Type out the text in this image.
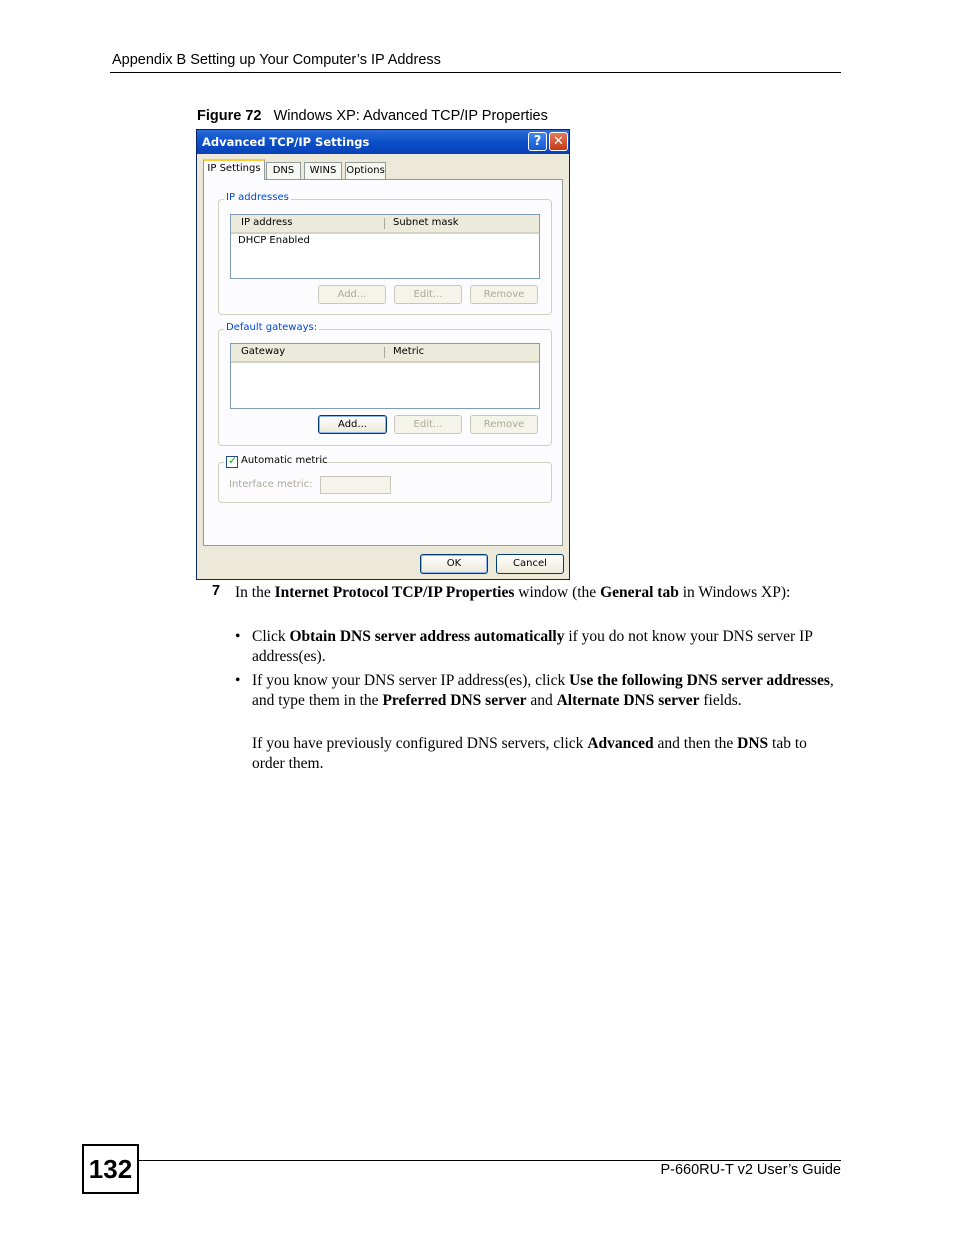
Appendix B Setting up Your Computer’s IP Address
Figure 72 Windows XP: Advanced TCP/IP Properties
Advanced TCP/IP Settings	? ✕
IP Settings	DNS	WINS Options
IP addresses
IP address	Subnet mask
DHCP Enabled
Add...	Edit...	Remove
Default gateways:
Gateway	Metric
Add...	Edit...	Remove
✓ Automatic metric
Interface metric:
OK	Cancel
7 In the Internet Protocol TCP/IP Properties window (the General tab in Windows XP):
• Click Obtain DNS server address automatically if you do not know your DNS server IP address(es).
• If you know your DNS server IP address(es), click Use the following DNS server addresses, and type them in the Preferred DNS server and Alternate DNS server fields.
If you have previously configured DNS servers, click Advanced and then the DNS tab to order them.
132	P-660RU-T v2 User’s Guide
